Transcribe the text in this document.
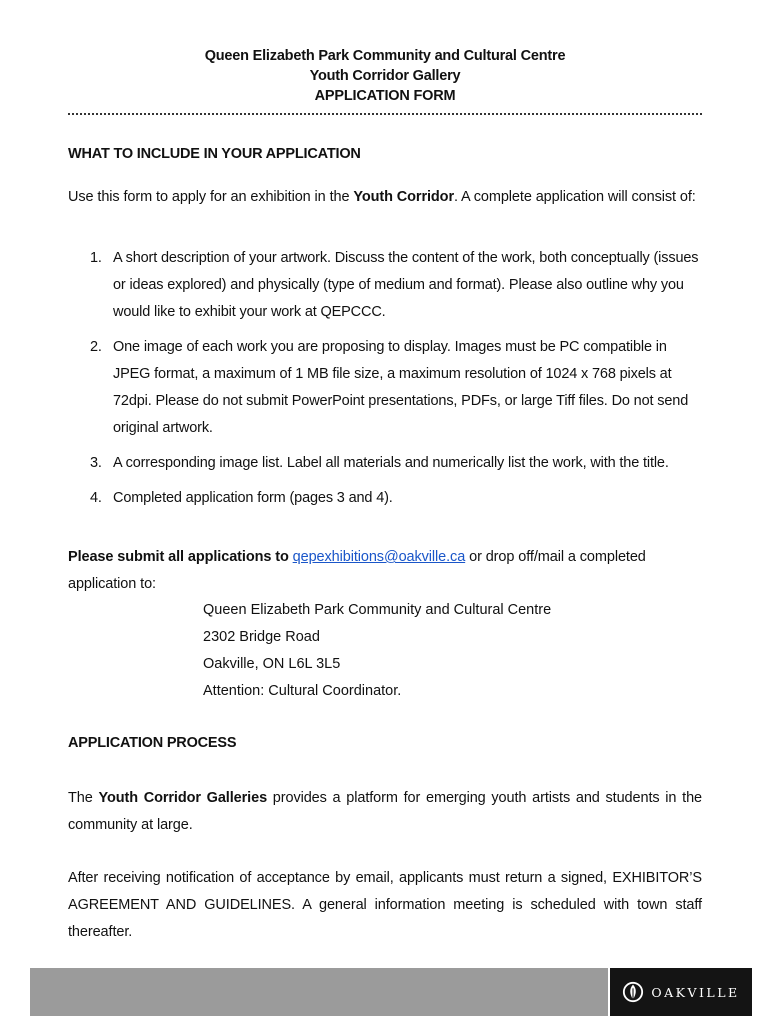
Queen Elizabeth Park Community and Cultural Centre
Youth Corridor Gallery
APPLICATION FORM
WHAT TO INCLUDE IN YOUR APPLICATION
Use this form to apply for an exhibition in the Youth Corridor. A complete application will consist of:
1. A short description of your artwork. Discuss the content of the work, both conceptually (issues or ideas explored) and physically (type of medium and format). Please also outline why you would like to exhibit your work at QEPCCC.
2. One image of each work you are proposing to display. Images must be PC compatible in JPEG format, a maximum of 1 MB file size, a maximum resolution of 1024 x 768 pixels at 72dpi. Please do not submit PowerPoint presentations, PDFs, or large Tiff files. Do not send original artwork.
3. A corresponding image list. Label all materials and numerically list the work, with the title.
4. Completed application form (pages 3 and 4).
Please submit all applications to qepexhibitions@oakville.ca or drop off/mail a completed application to:
Queen Elizabeth Park Community and Cultural Centre
2302 Bridge Road
Oakville, ON L6L 3L5
Attention: Cultural Coordinator.
APPLICATION PROCESS
The Youth Corridor Galleries provides a platform for emerging youth artists and students in the community at large.
After receiving notification of acceptance by email, applicants must return a signed, EXHIBITOR’S AGREEMENT AND GUIDELINES. A general information meeting is scheduled with town staff thereafter.
OAKVILLE
